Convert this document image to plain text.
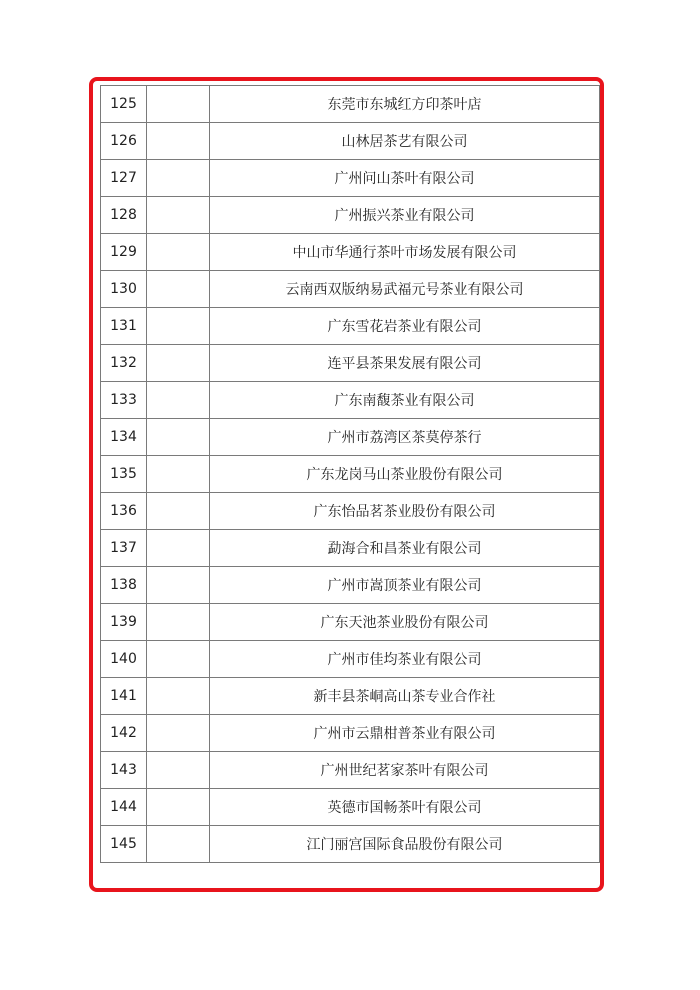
125		东莞市东城红方印茶叶店
126		山林居茶艺有限公司
127		广州问山茶叶有限公司
128		广州振兴茶业有限公司
129		中山市华通行茶叶市场发展有限公司
130		云南西双版纳易武福元号茶业有限公司
131		广东雪花岩茶业有限公司
132		连平县茶果发展有限公司
133		广东南馥茶业有限公司
134		广州市荔湾区茶莫停茶行
135		广东龙岗马山茶业股份有限公司
136		广东怡品茗茶业股份有限公司
137		勐海合和昌茶业有限公司
138		广州市嵩顶茶业有限公司
139		广东天池茶业股份有限公司
140		广州市佳均茶业有限公司
141		新丰县茶峒高山茶专业合作社
142		广州市云鼎柑普茶业有限公司
143		广州世纪茗家茶叶有限公司
144		英德市国畅茶叶有限公司
145		江门丽宫国际食品股份有限公司
